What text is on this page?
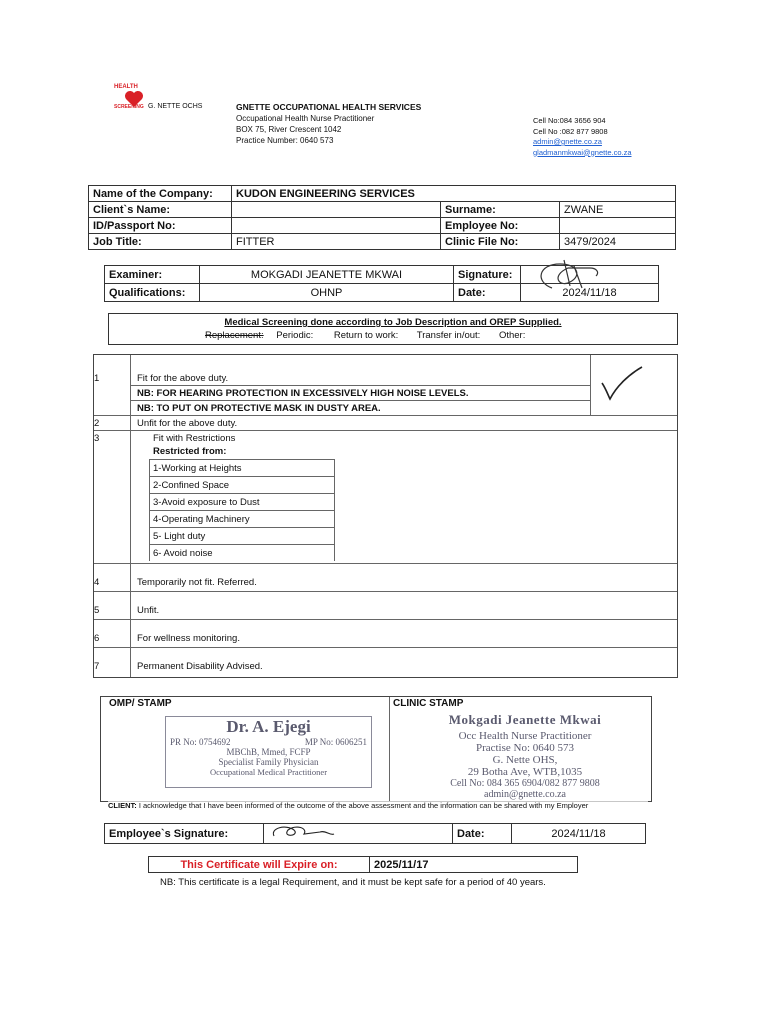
HEALTH
SCREENING G. NETTE OCHS	GNETTE OCCUPATIONAL HEALTH SERVICES
Occupational Health Nurse Practitioner
BOX 75, River Crescent 1042
Practice Number: 0640 573
Cell No:084 3656 904
Cell No :082 877 9808
admin@gnette.co.za
gladmanmkwai@gnette.co.za
Name of the Company:	KUDON ENGINEERING SERVICES		
Client`s Name:		Surname:	ZWANE
ID/Passport No:		Employee No:	
Job Title:	FITTER	Clinic File No:	3479/2024
Examiner:	MOKGADI JEANETTE MKWAI	Signature:	
Qualifications:	OHNP	Date:	2024/11/18
Medical Screening done according to Job Description and OREP Supplied.
Replacement: Periodic: Return to work: Transfer in/out: Other:
1	Fit for the above duty.
NB: FOR HEARING PROTECTION IN EXCESSIVELY HIGH NOISE LEVELS.
NB: TO PUT ON PROTECTIVE MASK IN DUSTY AREA.
2	Unfit for the above duty.
3	Fit with Restrictions
Restricted from:
1-Working at Heights
2-Confined Space
3-Avoid exposure to Dust
4-Operating Machinery
5- Light duty
6- Avoid noise
4	Temporarily not fit. Referred.
5	Unfit.
6	For wellness monitoring.
7	Permanent Disability Advised.
OMP/ STAMP	CLINIC STAMP
Dr. A. Ejegi
PR No: 0754692	MP No: 0606251
MBChB, Mmed, FCFP
Specialist Family Physician
Occupational Medical Practitioner
Mokgadi Jeanette Mkwai
Occ Health Nurse Practitioner
Practise No: 0640 573
G. Nette OHS,
29 Botha Ave, WTB,1035
Cell No: 084 365 6904/082 877 9808
admin@gnette.co.za
CLIENT: I acknowledge that I have been informed of the outcome of the above assessment and the information can be shared with my Employer
Employee`s Signature:		Date:	2024/11/18
This Certificate will Expire on:	2025/11/17
NB: This certificate is a legal Requirement, and it must be kept safe for a period of 40 years.
